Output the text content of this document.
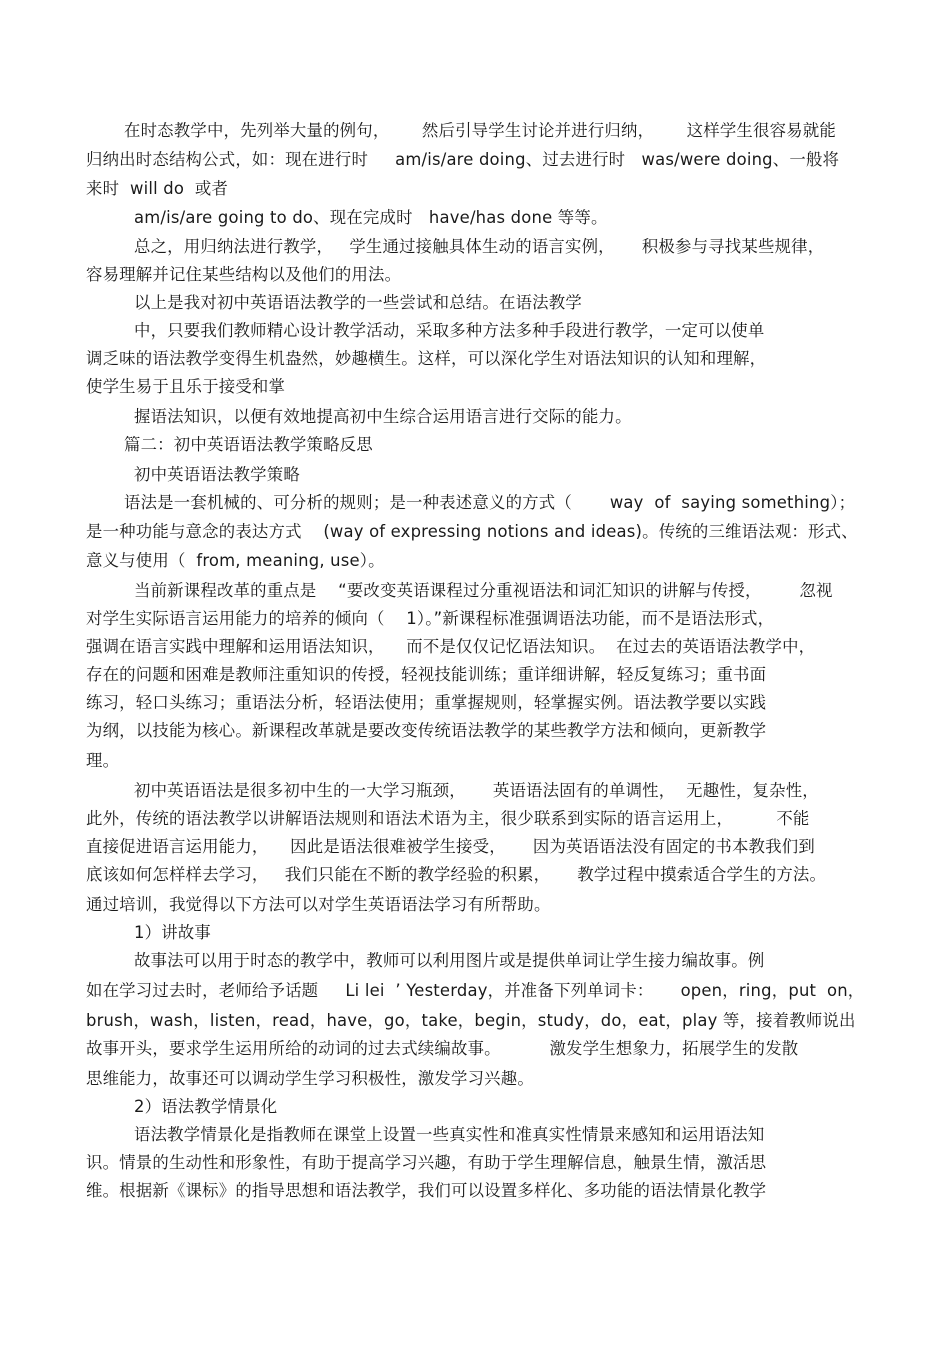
在时态教学中，先列举大量的例句，      然后引导学生讨论并进行归纳，      这样学生很容易就能
归纳出时态结构公式，如：现在进行时     am/is/are doing、过去进行时   was/were doing、一般将
来时  will do  或者
am/is/are going to do、现在完成时   have/has done 等等。
总之，用归纳法进行教学，   学生通过接触具体生动的语言实例，     积极参与寻找某些规律，
容易理解并记住某些结构以及他们的用法。
以上是我对初中英语语法教学的一些尝试和总结。在语法教学
中，只要我们教师精心设计教学活动，采取多种方法多种手段进行教学，一定可以使单
调乏味的语法教学变得生机盎然，妙趣横生。这样，可以深化学生对语法知识的认知和理解，
使学生易于且乐于接受和掌
握语法知识，以便有效地提高初中生综合运用语言进行交际的能力。
篇二：初中英语语法教学策略反思
初中英语语法教学策略
语法是一套机械的、可分析的规则；是一种表述意义的方式（       way  of  saying something）；
是一种功能与意念的表达方式    (way of expressing notions and ideas)。传统的三维语法观：形式、
意义与使用（  from, meaning, use）。
当前新课程改革的重点是    “要改变英语课程过分重视语法和词汇知识的讲解与传授，       忽视
对学生实际语言运用能力的培养的倾向（    1）。”新课程标准强调语法功能，而不是语法形式，
强调在语言实践中理解和运用语法知识，    而不是仅仅记忆语法知识。  在过去的英语语法教学中，
存在的问题和困难是教师注重知识的传授，轻视技能训练；重详细讲解，轻反复练习；重书面
练习，轻口头练习；重语法分析，轻语法使用；重掌握规则，轻掌握实例。语法教学要以实践
为纲，以技能为核心。新课程改革就是要改变传统语法教学的某些教学方法和倾向，更新教学
理。
初中英语语法是很多初中生的一大学习瓶颈，     英语语法固有的单调性，  无趣性，复杂性，
此外，传统的语法教学以讲解语法规则和语法术语为主，很少联系到实际的语言运用上，        不能
直接促进语言运用能力，    因此是语法很难被学生接受，     因为英语语法没有固定的书本教我们到
底该如何怎样样去学习，   我们只能在不断的教学经验的积累，     教学过程中摸索适合学生的方法。
通过培训，我觉得以下方法可以对学生英语语法学习有所帮助。
1）讲故事
故事法可以用于时态的教学中，教师可以利用图片或是提供单词让学生接力编故事。例
如在学习过去时，老师给予话题     Li lei  ’ Yesterday，并准备下列单词卡：     open，ring，put  on，
brush，wash，listen，read，have，go，take，begin，study，do，eat，play 等，接着教师说出
故事开头，要求学生运用所给的动词的过去式续编故事。         激发学生想象力，拓展学生的发散
思维能力，故事还可以调动学生学习积极性，激发学习兴趣。
2）语法教学情景化
语法教学情景化是指教师在课堂上设置一些真实性和准真实性情景来感知和运用语法知
识。情景的生动性和形象性，有助于提高学习兴趣，有助于学生理解信息，触景生情，激活思
维。根据新《课标》的指导思想和语法教学，我们可以设置多样化、多功能的语法情景化教学
